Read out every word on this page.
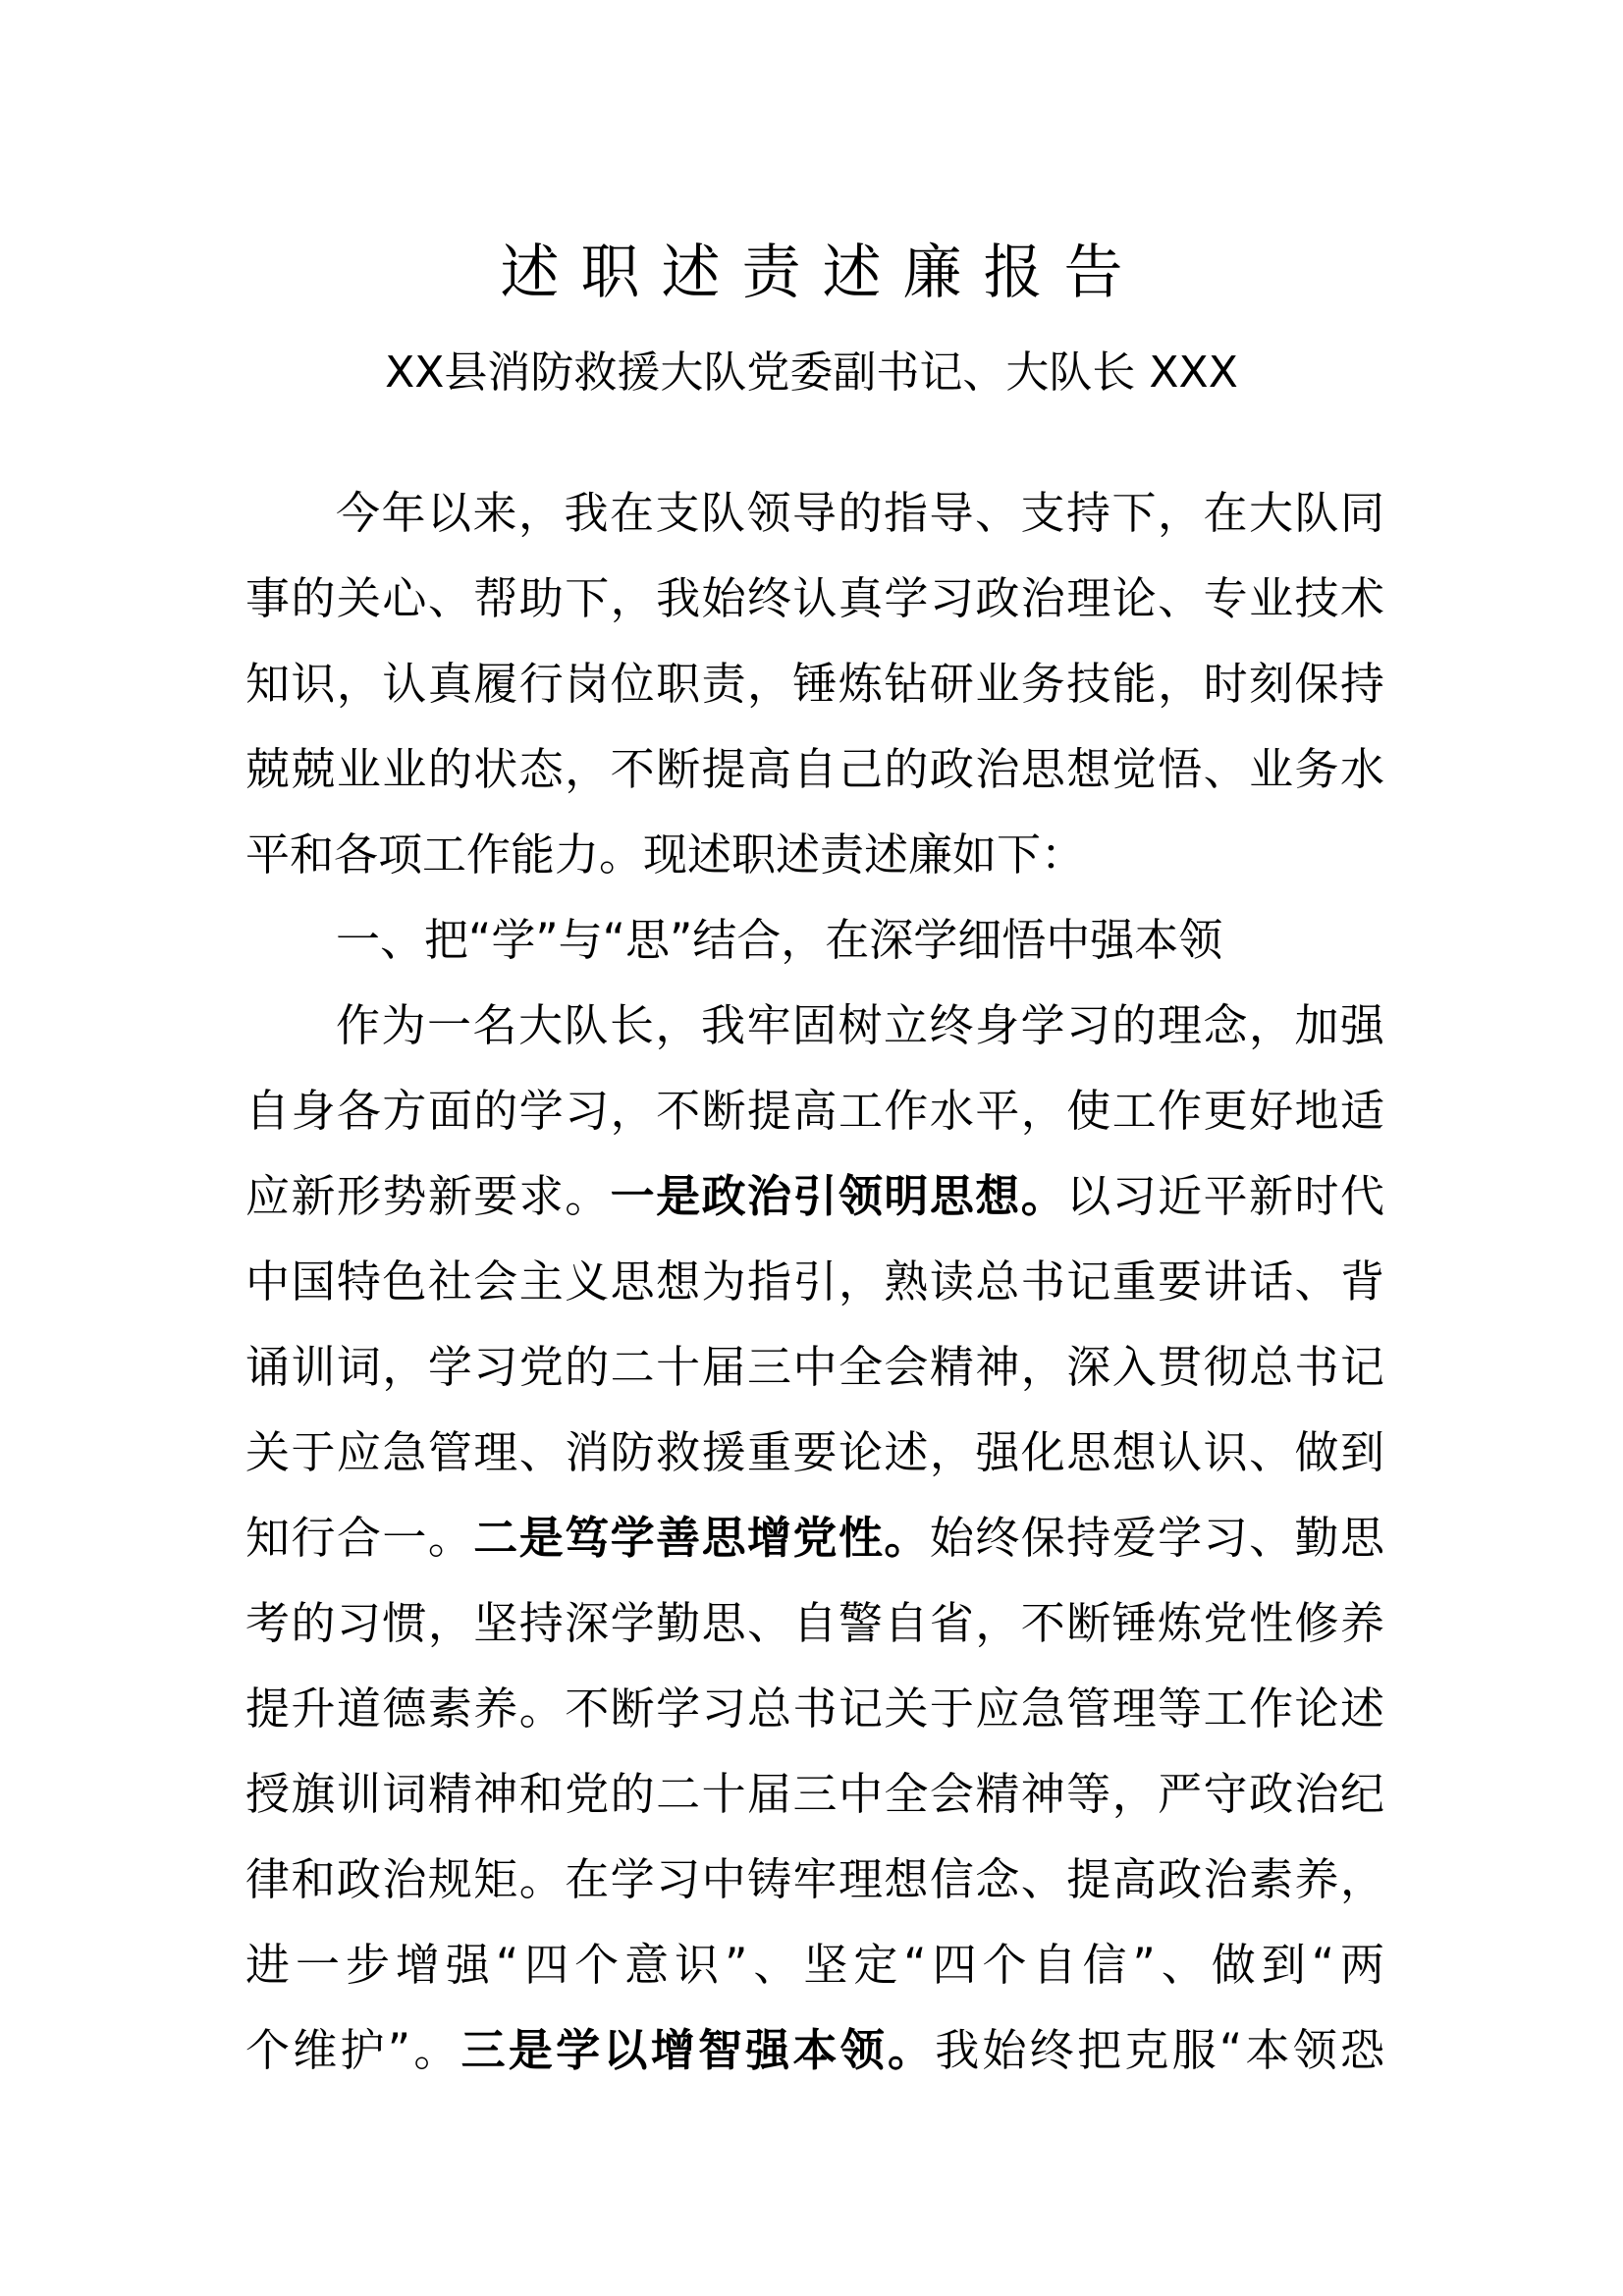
述职述责述廉报告
XX县消防救援大队党委副书记、大队长 XXX
今年以来，我在支队领导的指导、支持下，在大队同
事的关心、帮助下，我始终认真学习政治理论、专业技术
知识，认真履行岗位职责，锤炼钻研业务技能，时刻保持
兢兢业业的状态，不断提高自己的政治思想觉悟、业务水
平和各项工作能力。现述职述责述廉如下：
一、把“学”与“思”结合，在深学细悟中强本领
作为一名大队长，我牢固树立终身学习的理念，加强
自身各方面的学习，不断提高工作水平，使工作更好地适
应新形势新要求。一是政治引领明思想。以习近平新时代
中国特色社会主义思想为指引，熟读总书记重要讲话、背
诵训词，学习党的二十届三中全会精神，深入贯彻总书记
关于应急管理、消防救援重要论述，强化思想认识、做到
知行合一。二是笃学善思增党性。始终保持爱学习、勤思
考的习惯，坚持深学勤思、自警自省，不断锤炼党性修养
提升道德素养。不断学习总书记关于应急管理等工作论述
授旗训词精神和党的二十届三中全会精神等，严守政治纪
律和政治规矩。在学习中铸牢理想信念、提高政治素养，
进一步增强“四个意识”、坚定“四个自信”、做到“两
个维护”。三是学以增智强本领。我始终把克服“本领恐
